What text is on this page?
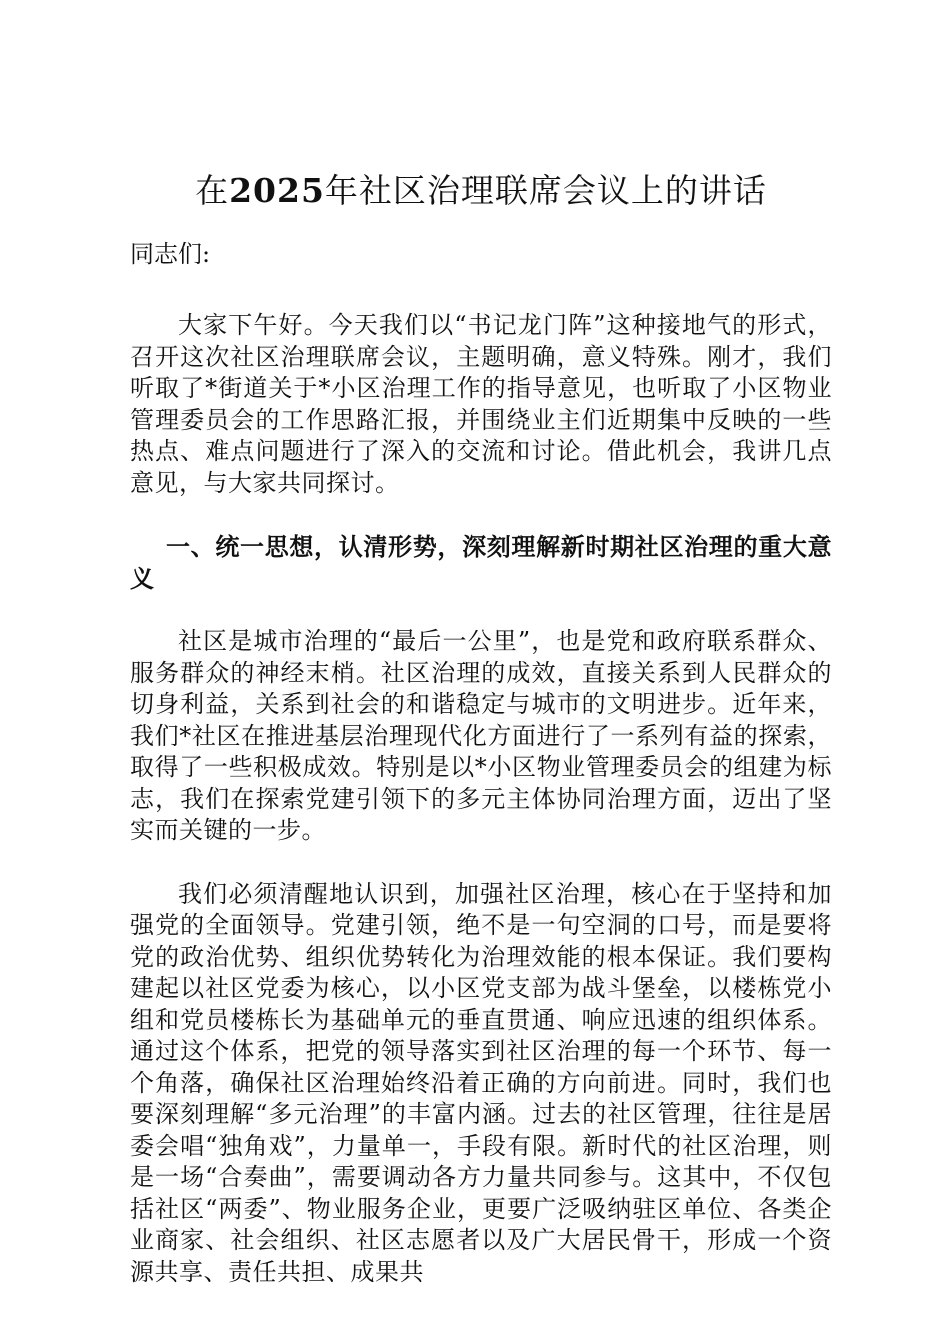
在2025年社区治理联席会议上的讲话

同志们:

大家下午好。今天我们以“书记龙门阵”这种接地气的形式，召开这次社区治理联席会议，主题明确，意义特殊。刚才，我们听取了*街道关于*小区治理工作的指导意见，也听取了小区物业管理委员会的工作思路汇报，并围绕业主们近期集中反映的一些热点、难点问题进行了深入的交流和讨论。借此机会，我讲几点意见，与大家共同探讨。

一、统一思想，认清形势，深刻理解新时期社区治理的重大意义

社区是城市治理的“最后一公里”，也是党和政府联系群众、服务群众的神经末梢。社区治理的成效，直接关系到人民群众的切身利益，关系到社会的和谐稳定与城市的文明进步。近年来，我们*社区在推进基层治理现代化方面进行了一系列有益的探索，取得了一些积极成效。特别是以*小区物业管理委员会的组建为标志，我们在探索党建引领下的多元主体协同治理方面，迈出了坚实而关键的一步。

我们必须清醒地认识到，加强社区治理，核心在于坚持和加强党的全面领导。党建引领，绝不是一句空洞的口号，而是要将党的政治优势、组织优势转化为治理效能的根本保证。我们要构建起以社区党委为核心，以小区党支部为战斗堡垒，以楼栋党小组和党员楼栋长为基础单元的垂直贯通、响应迅速的组织体系。通过这个体系，把党的领导落实到社区治理的每一个环节、每一个角落，确保社区治理始终沿着正确的方向前进。同时，我们也要深刻理解“多元治理”的丰富内涵。过去的社区管理，往往是居委会唱“独角戏”，力量单一，手段有限。新时代的社区治理，则是一场“合奏曲”，需要调动各方力量共同参与。这其中，不仅包括社区“两委”、物业服务企业，更要广泛吸纳驻区单位、各类企业商家、社会组织、社区志愿者以及广大居民骨干，形成一个资源共享、责任共担、成果共
